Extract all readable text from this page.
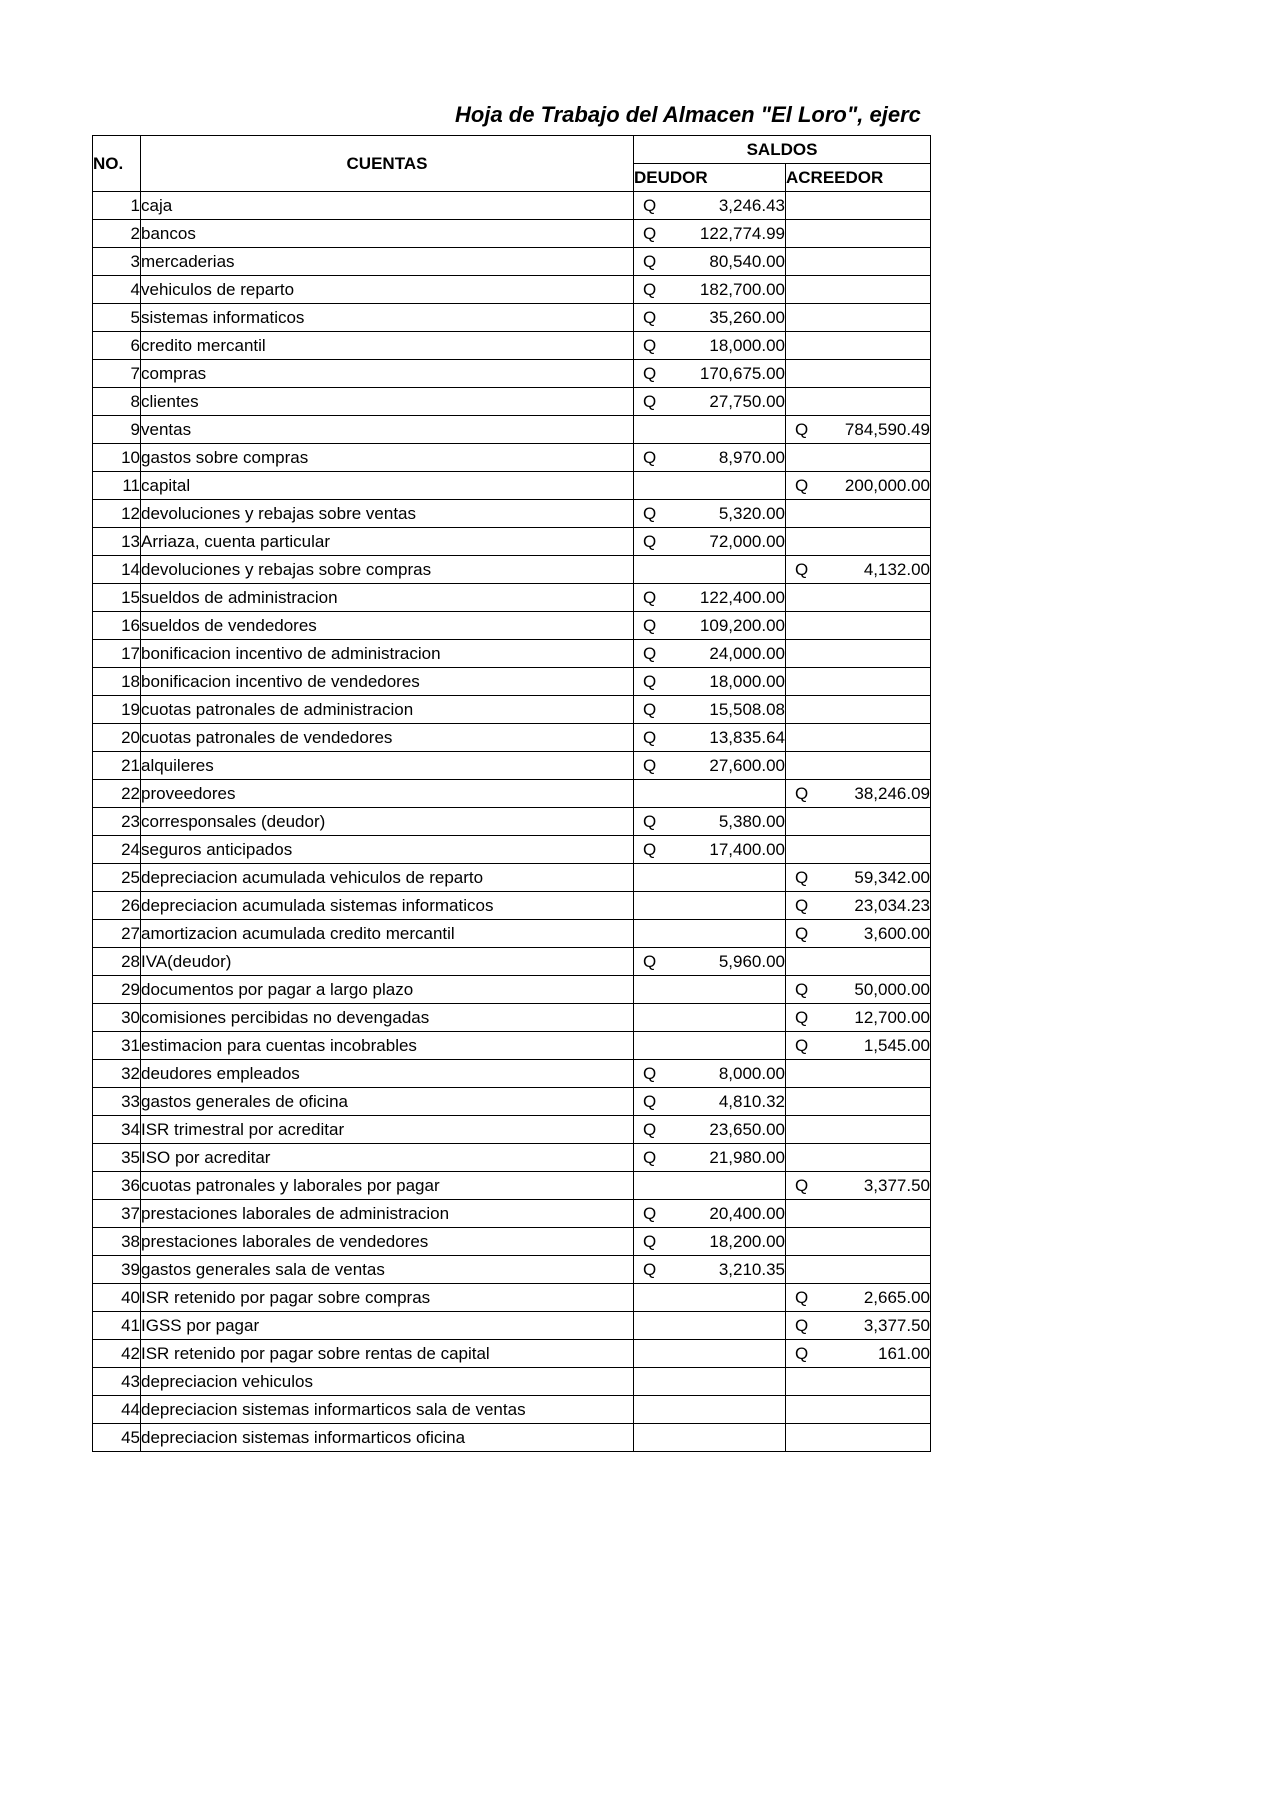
Hoja de Trabajo del Almacen "El Loro", ejerc
NO.	CUENTAS	SALDOS	
		DEUDOR	ACREEDOR
1	caja	Q 3,246.43	
2	bancos	Q 122,774.99	
3	mercaderias	Q 80,540.00	
4	vehiculos de reparto	Q 182,700.00	
5	sistemas informaticos	Q 35,260.00	
6	credito mercantil	Q 18,000.00	
7	compras	Q 170,675.00	
8	clientes	Q 27,750.00	
9	ventas		Q 784,590.49
10	gastos sobre compras	Q 8,970.00	
11	capital		Q 200,000.00
12	devoluciones y rebajas sobre ventas	Q 5,320.00	
13	Arriaza, cuenta particular	Q 72,000.00	
14	devoluciones y rebajas sobre compras		Q 4,132.00
15	sueldos de administracion	Q 122,400.00	
16	sueldos de vendedores	Q 109,200.00	
17	bonificacion incentivo de administracion	Q 24,000.00	
18	bonificacion incentivo de vendedores	Q 18,000.00	
19	cuotas patronales de administracion	Q 15,508.08	
20	cuotas patronales de vendedores	Q 13,835.64	
21	alquileres	Q 27,600.00	
22	proveedores		Q 38,246.09
23	corresponsales (deudor)	Q 5,380.00	
24	seguros anticipados	Q 17,400.00	
25	depreciacion acumulada vehiculos de reparto		Q 59,342.00
26	depreciacion acumulada sistemas informaticos		Q 23,034.23
27	amortizacion acumulada credito mercantil		Q 3,600.00
28	IVA(deudor)	Q 5,960.00	
29	documentos por pagar a largo plazo		Q 50,000.00
30	comisiones percibidas no devengadas		Q 12,700.00
31	estimacion para cuentas incobrables		Q 1,545.00
32	deudores empleados	Q 8,000.00	
33	gastos generales de oficina	Q 4,810.32	
34	ISR trimestral por acreditar	Q 23,650.00	
35	ISO por acreditar	Q 21,980.00	
36	cuotas patronales y laborales por pagar		Q 3,377.50
37	prestaciones laborales de administracion	Q 20,400.00	
38	prestaciones laborales de vendedores	Q 18,200.00	
39	gastos generales sala de ventas	Q 3,210.35	
40	ISR retenido por pagar sobre compras		Q 2,665.00
41	IGSS por pagar		Q 3,377.50
42	ISR retenido por pagar sobre rentas de capital		Q 161.00
43	depreciacion vehiculos		
44	depreciacion sistemas informarticos sala de ventas		
45	depreciacion sistemas informarticos oficina		
